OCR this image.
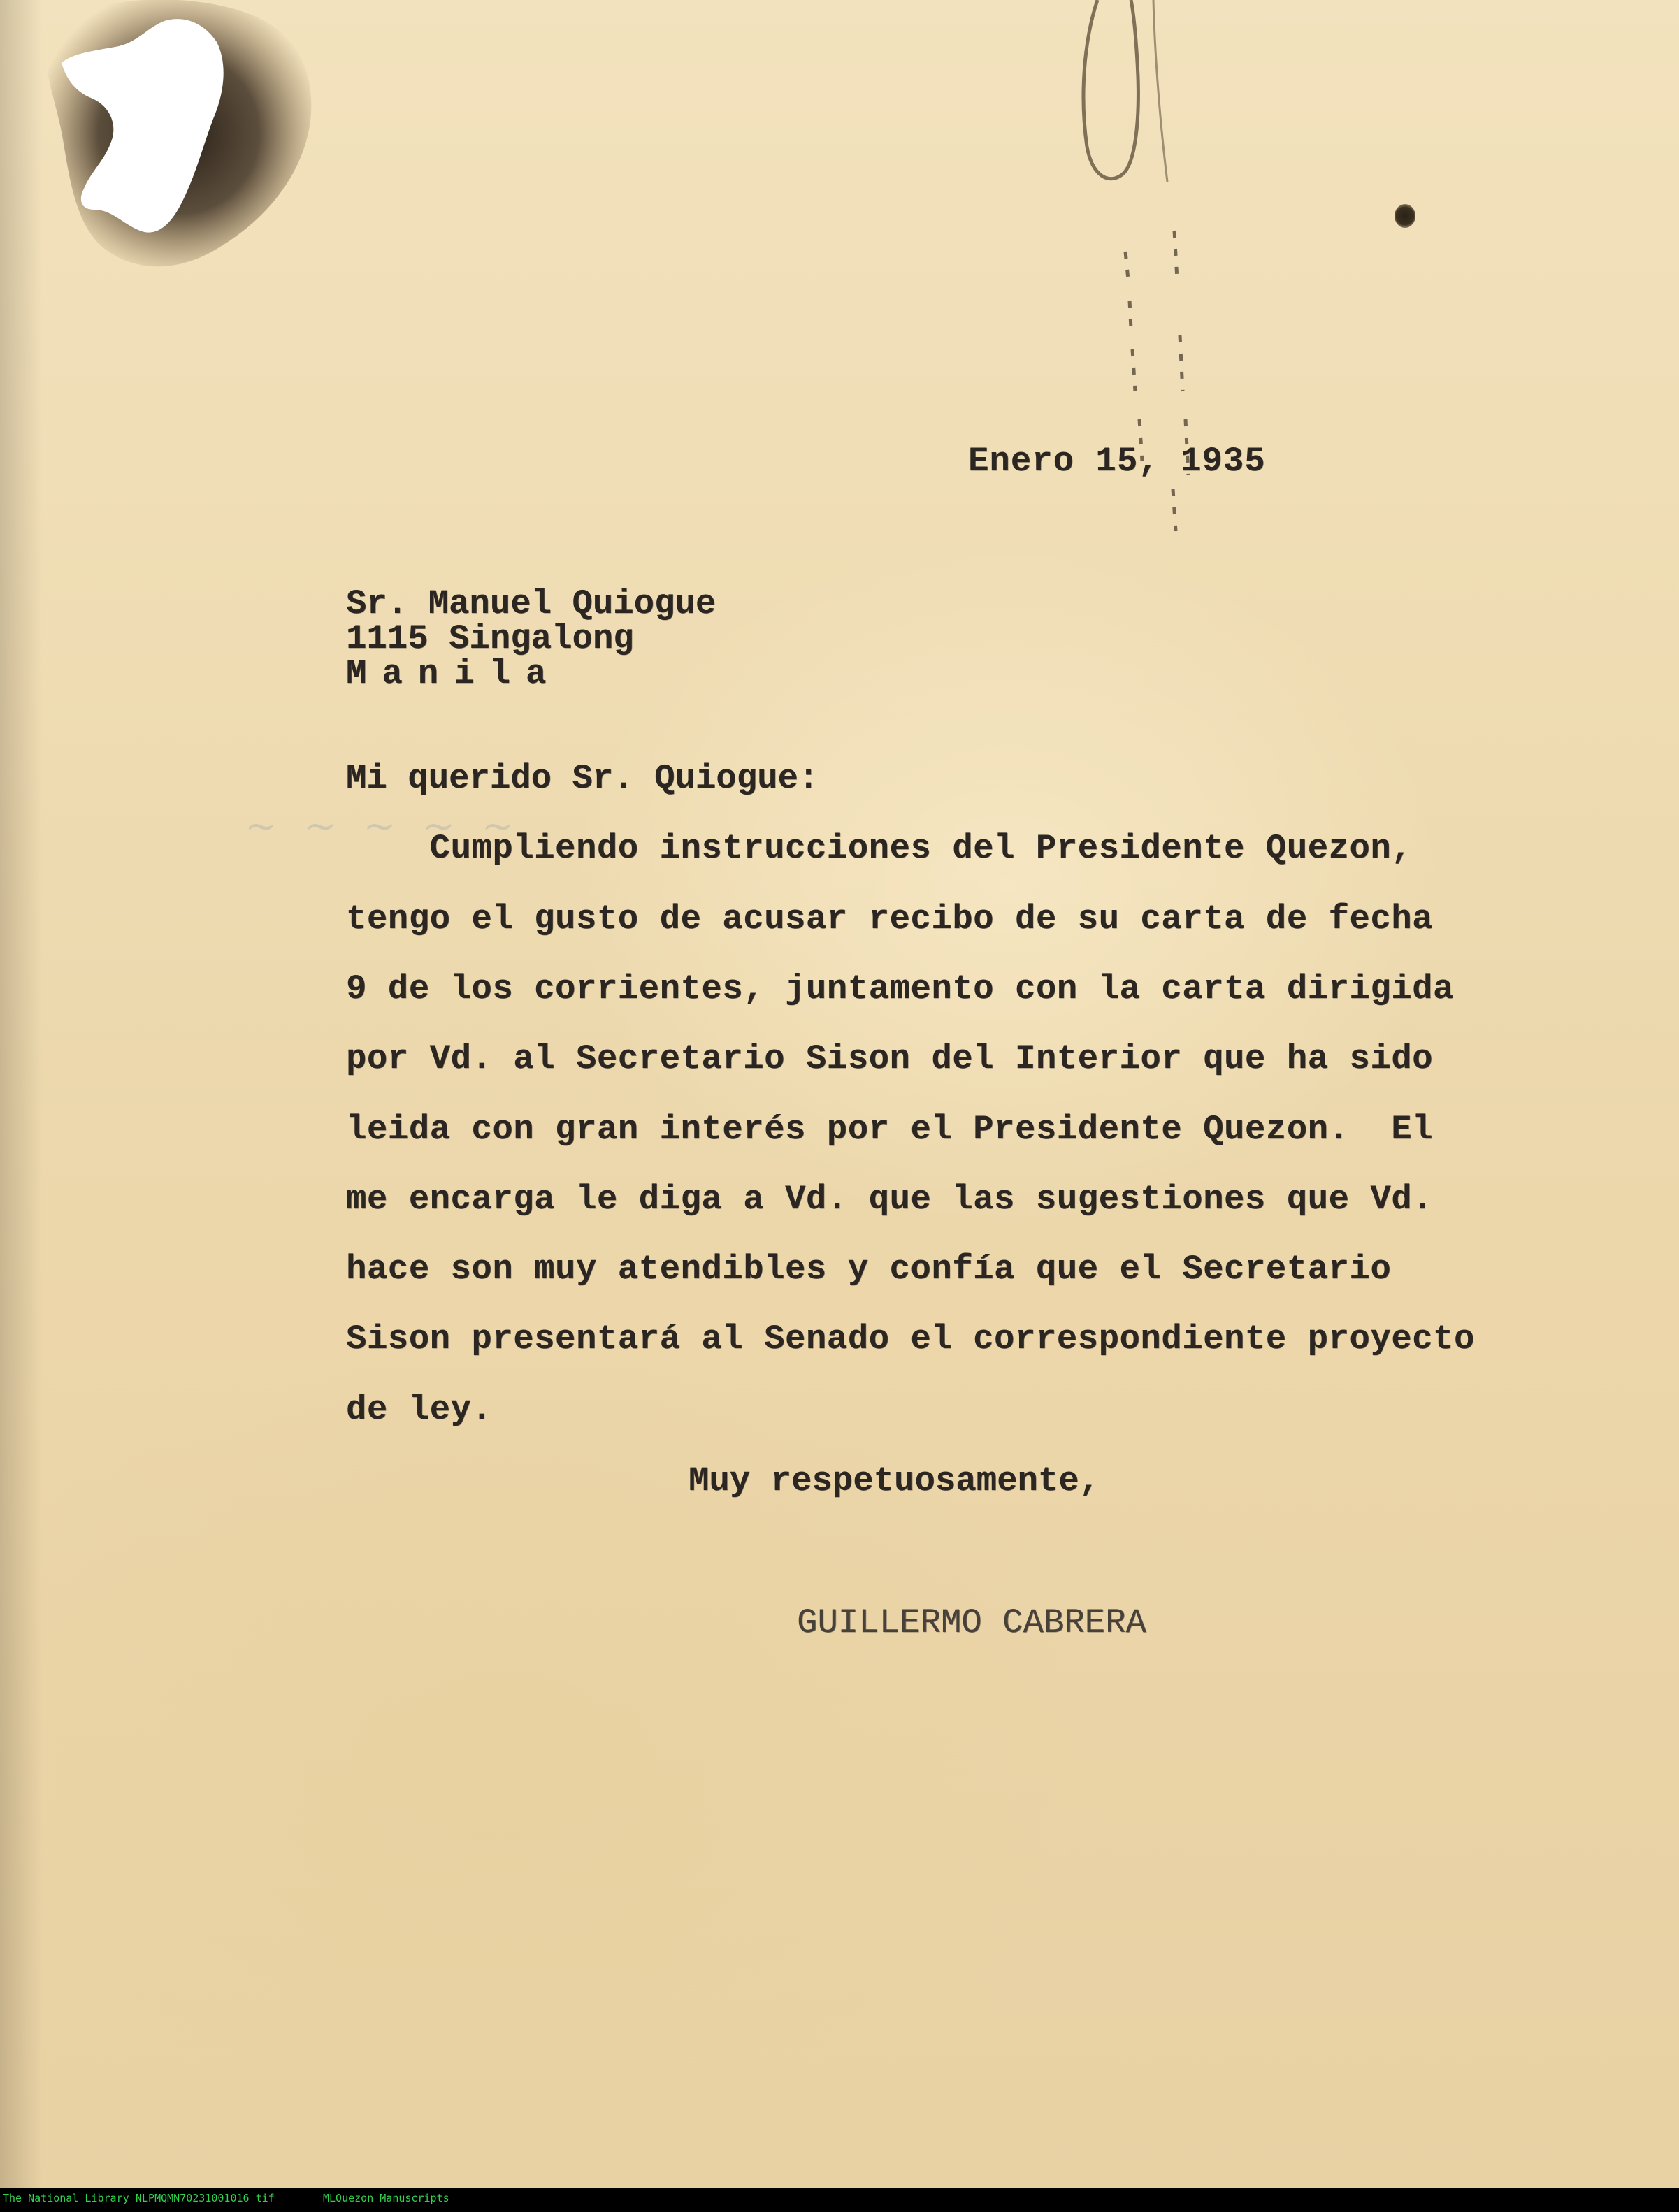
~ ~ ~ ~ ~
Enero 15, 1935
Sr. Manuel Quiogue
1115 Singalong
Manila
Mi querido Sr. Quiogue:
Cumpliendo instrucciones del Presidente Quezon,
tengo el gusto de acusar recibo de su carta de fecha
9 de los corrientes, juntamento con la carta dirigida
por Vd. al Secretario Sison del Interior que ha sido
leida con gran interés por el Presidente Quezon.  El
me encarga le diga a Vd. que las sugestiones que Vd.
hace son muy atendibles y confía que el Secretario
Sison presentará al Senado el correspondiente proyecto
de ley.
Muy respetuosamente,
GUILLERMO CABRERA
The National Library NLPMQMN70231001016 tif	MLQuezon Manuscripts
